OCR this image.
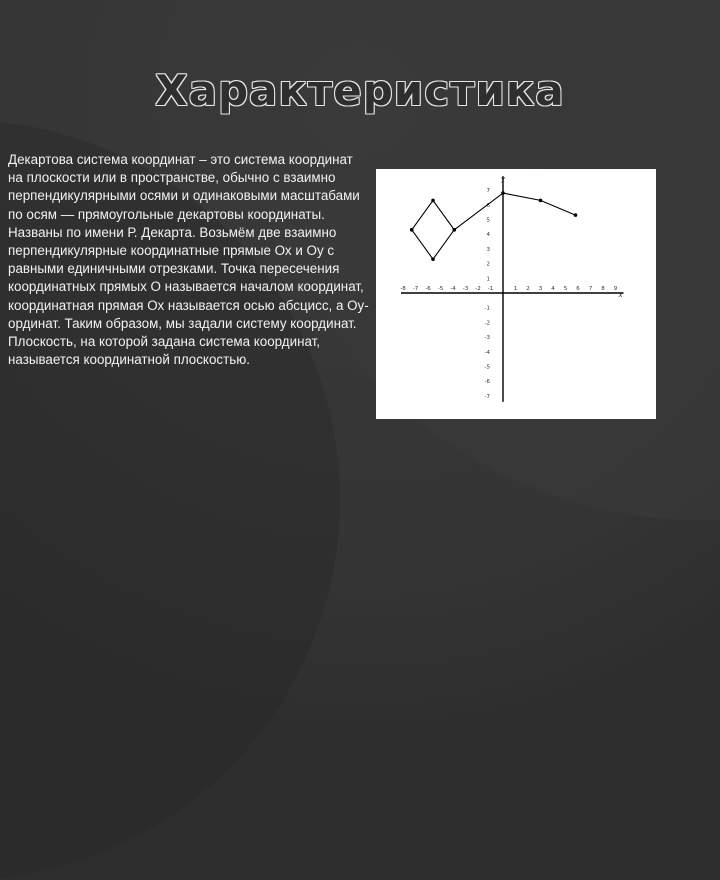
Характеристика
Декартова система координат – это система координат на плоскости или в пространстве, обычно с взаимно перпендикулярными осями и одинаковыми масштабами по осям — прямоугольные декартовы координаты. Названы по имени Р. Декарта. Возьмём две взаимно перпендикулярные координатные прямые Ох и Оу с равными единичными отрезками. Точка пересечения координатных прямых О называется началом координат, координатная прямая Ох называется осью абсцисс, а Оу- ординат. Таким образом, мы задали систему координат. Плоскость, на которой задана система координат, называется координатной плоскостью.
x
y
-8 -7 -6 -5 -4 -3 -2 -1	1 2 3 4 5 6 7 8 9
7
6
5
4
3
2
1
-1
-2
-3
-4
-5
-6
-7
